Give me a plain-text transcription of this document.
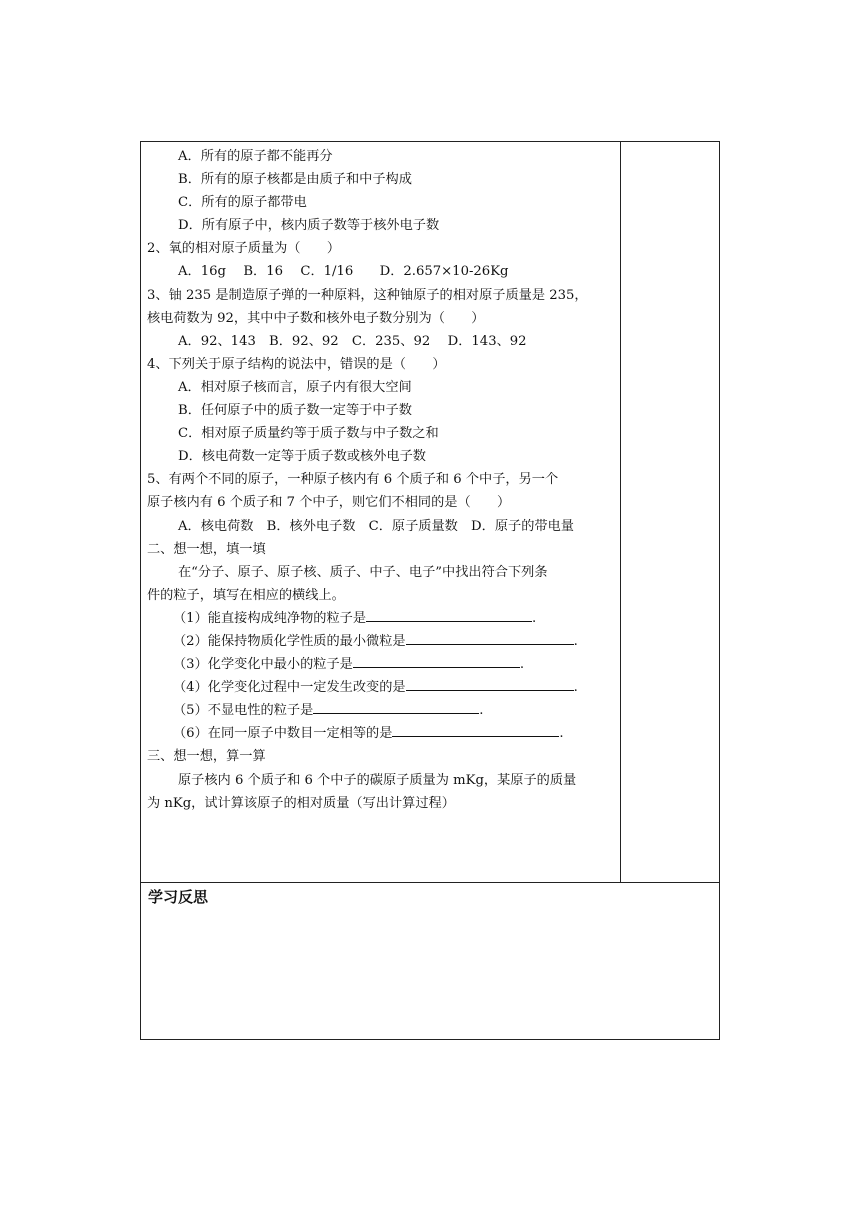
A．所有的原子都不能再分
B．所有的原子核都是由质子和中子构成
C．所有的原子都带电
D．所有原子中，核内质子数等于核外电子数
2、氧的相对原子质量为（　　）
A．16g　 B．16　 C．1/16　　D．2.657×10-26Kg
3、铀 235 是制造原子弹的一种原料，这种铀原子的相对原子质量是 235，
核电荷数为 92，其中中子数和核外电子数分别为（　　）
A．92、143　B．92、92　C．235、92　 D．143、92
4、下列关于原子结构的说法中，错误的是（　　）
A．相对原子核而言，原子内有很大空间
B．任何原子中的质子数一定等于中子数
C．相对原子质量约等于质子数与中子数之和
D．核电荷数一定等于质子数或核外电子数
5、有两个不同的原子，一种原子核内有 6 个质子和 6 个中子，另一个
原子核内有 6 个质子和 7 个中子，则它们不相同的是（　　）
A．核电荷数　B．核外电子数　C．原子质量数　D．原子的带电量
二、想一想，填一填
在“分子、原子、原子核、质子、中子、电子”中找出符合下列条
件的粒子，填写在相应的横线上。
（1）能直接构成纯净物的粒子是	.
（2）能保持物质化学性质的最小微粒是	.
（3）化学变化中最小的粒子是	.
（4）化学变化过程中一定发生改变的是	.
（5）不显电性的粒子是	.
（6）在同一原子中数目一定相等的是	.
三、想一想，算一算
原子核内 6 个质子和 6 个中子的碳原子质量为 mKg，某原子的质量
为 nKg，试计算该原子的相对质量（写出计算过程）
学习反思
